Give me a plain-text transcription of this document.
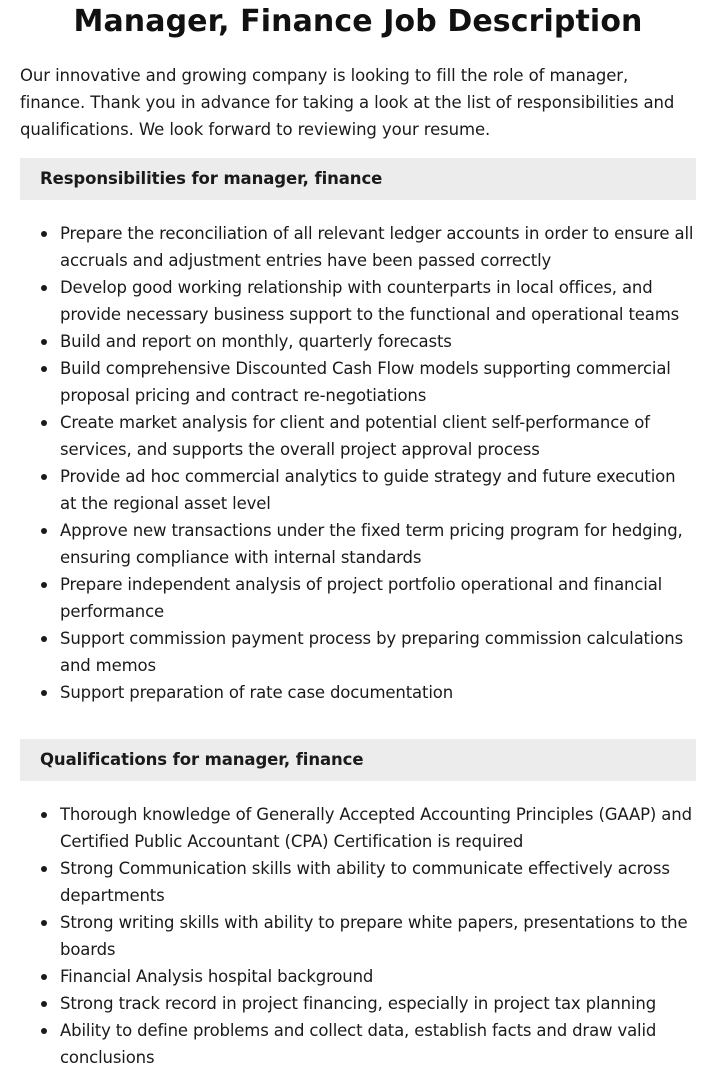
Manager, Finance Job Description

Our innovative and growing company is looking to fill the role of manager, finance. Thank you in advance for taking a look at the list of responsibilities and qualifications. We look forward to reviewing your resume.

Responsibilities for manager, finance
Prepare the reconciliation of all relevant ledger accounts in order to ensure all accruals and adjustment entries have been passed correctly
Develop good working relationship with counterparts in local offices, and provide necessary business support to the functional and operational teams
Build and report on monthly, quarterly forecasts
Build comprehensive Discounted Cash Flow models supporting commercial proposal pricing and contract re-negotiations
Create market analysis for client and potential client self-performance of services, and supports the overall project approval process
Provide ad hoc commercial analytics to guide strategy and future execution at the regional asset level
Approve new transactions under the fixed term pricing program for hedging, ensuring compliance with internal standards
Prepare independent analysis of project portfolio operational and financial performance
Support commission payment process by preparing commission calculations and memos
Support preparation of rate case documentation
Qualifications for manager, finance
Thorough knowledge of Generally Accepted Accounting Principles (GAAP) and Certified Public Accountant (CPA) Certification is required
Strong Communication skills with ability to communicate effectively across departments
Strong writing skills with ability to prepare white papers, presentations to the boards
Financial Analysis hospital background
Strong track record in project financing, especially in project tax planning
Ability to define problems and collect data, establish facts and draw valid conclusions
